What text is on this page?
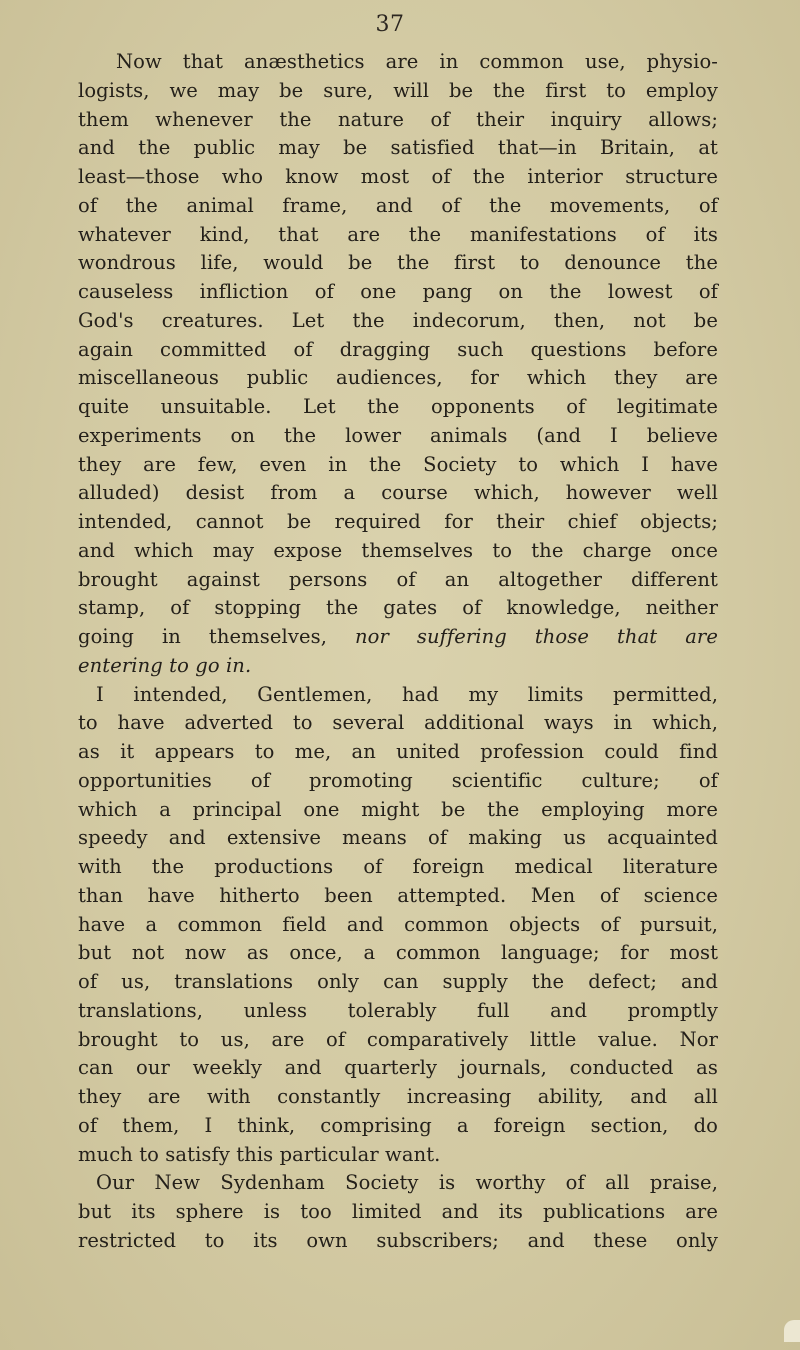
37
Now that anæsthetics are in common use, physio-
logists, we may be sure, will be the first to employ
them whenever the nature of their inquiry allows;
and the public may be satisfied that—in Britain, at
least—those who know most of the interior structure
of the animal frame, and of the movements, of
whatever kind, that are the manifestations of its
wondrous life, would be the first to denounce the
causeless infliction of one pang on the lowest of
God's creatures. Let the indecorum, then, not be
again committed of dragging such questions before
miscellaneous public audiences, for which they are
quite unsuitable. Let the opponents of legitimate
experiments on the lower animals (and I believe
they are few, even in the Society to which I have
alluded) desist from a course which, however well
intended, cannot be required for their chief objects;
and which may expose themselves to the charge once
brought against persons of an altogether different
stamp, of stopping the gates of knowledge, neither
going in themselves, nor suffering those that are
entering to go in.
I intended, Gentlemen, had my limits permitted,
to have adverted to several additional ways in which,
as it appears to me, an united profession could find
opportunities of promoting scientific culture; of
which a principal one might be the employing more
speedy and extensive means of making us acquainted
with the productions of foreign medical literature
than have hitherto been attempted. Men of science
have a common field and common objects of pursuit,
but not now as once, a common language; for most
of us, translations only can supply the defect; and
translations, unless tolerably full and promptly
brought to us, are of comparatively little value. Nor
can our weekly and quarterly journals, conducted as
they are with constantly increasing ability, and all
of them, I think, comprising a foreign section, do
much to satisfy this particular want.
Our New Sydenham Society is worthy of all praise,
but its sphere is too limited and its publications are
restricted to its own subscribers; and these only
